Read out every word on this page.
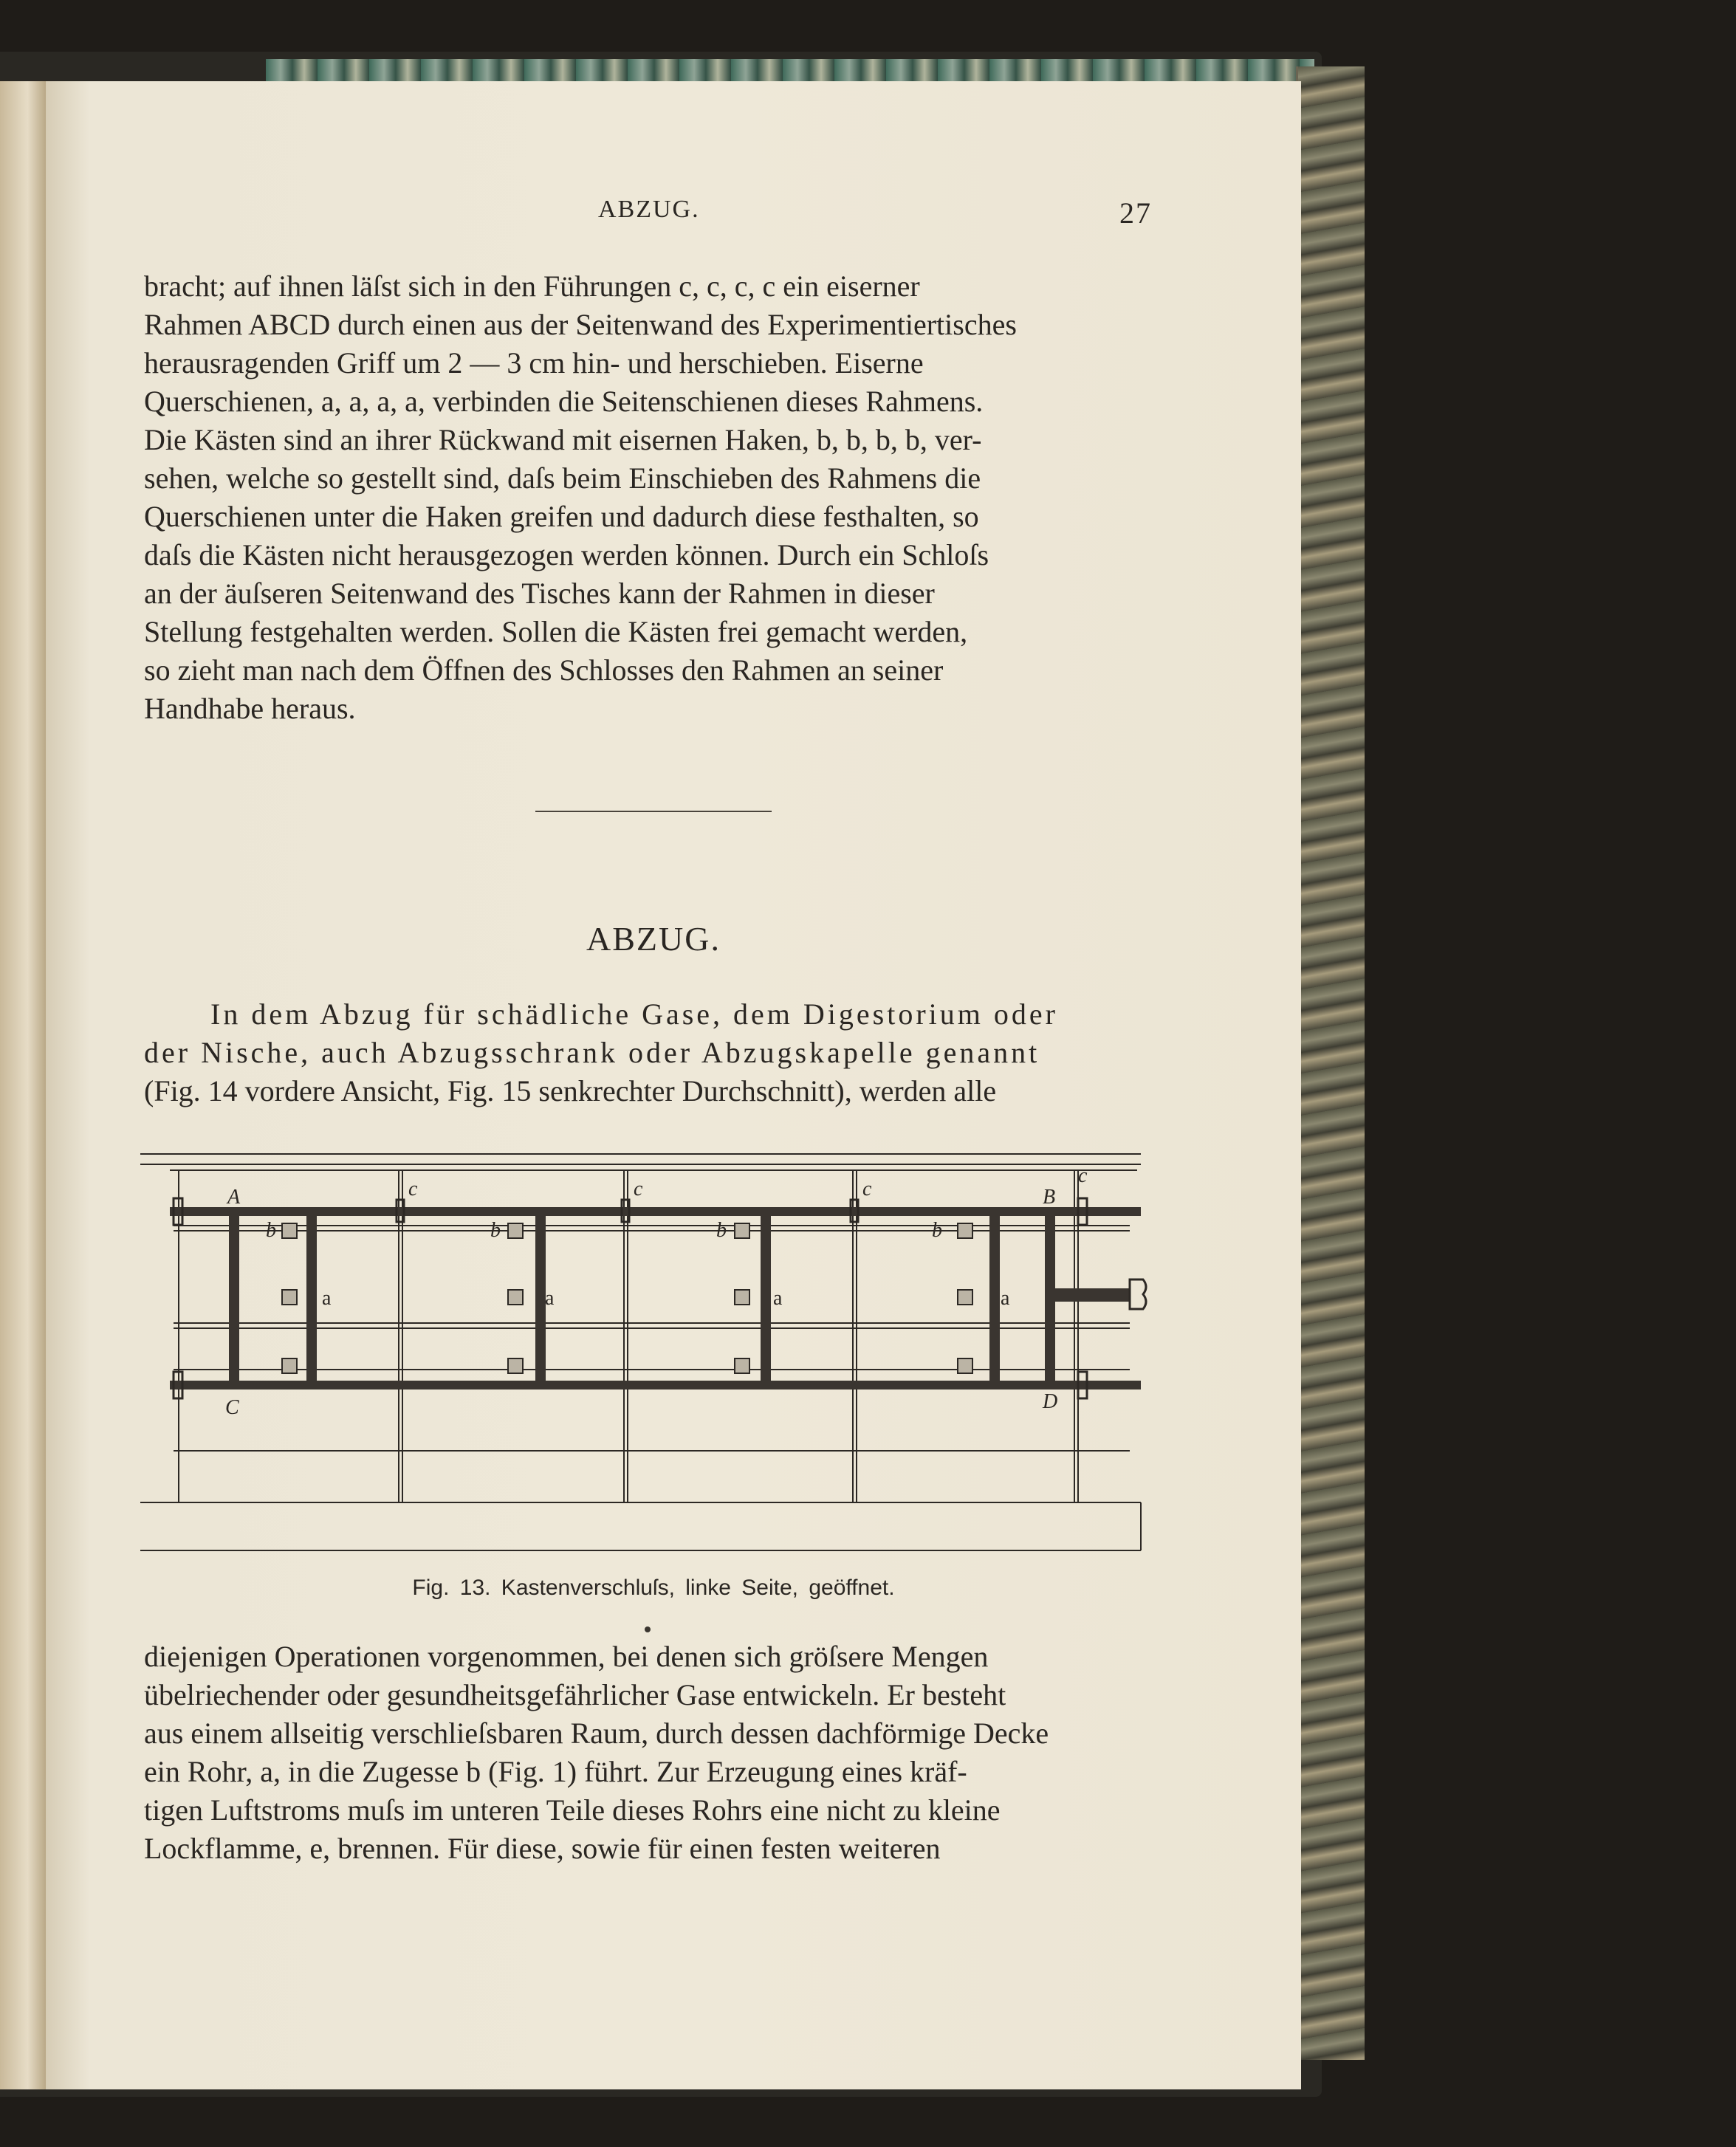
ABZUG.	27

bracht; auf ihnen läſst sich in den Führungen c, c, c, c ein eiserner

Rahmen ABCD durch einen aus der Seitenwand des Experimentiertisches

herausragenden Griff um 2 — 3 cm hin- und herschieben. Eiserne

Querschienen, a, a, a, a, verbinden die Seitenschienen dieses Rahmens.

Die Kästen sind an ihrer Rückwand mit eisernen Haken, b, b, b, b, ver-

sehen, welche so gestellt sind, daſs beim Einschieben des Rahmens die

Querschienen unter die Haken greifen und dadurch diese festhalten, so

daſs die Kästen nicht herausgezogen werden können. Durch ein Schloſs

an der äuſseren Seitenwand des Tisches kann der Rahmen in dieser

Stellung festgehalten werden. Sollen die Kästen frei gemacht werden,

so zieht man nach dem Öffnen des Schlosses den Rahmen an seiner

Handhabe heraus.

ABZUG.

In dem Abzug für schädliche Gase, dem Digestorium oder

der Nische, auch Abzugsschrank oder Abzugskapelle genannt

(Fig. 14 vordere Ansicht, Fig. 15 senkrechter Durchschnitt), werden alle

A	B
C	D
c	c	c
c
b	b	b	b
a	a	a	a
Fig. 13. Kastenverschluſs, linke Seite, geöffnet.

diejenigen Operationen vorgenommen, bei denen sich gröſsere Mengen

übelriechender oder gesundheitsgefährlicher Gase entwickeln. Er besteht

aus einem allseitig verschlieſsbaren Raum, durch dessen dachförmige Decke

ein Rohr, a, in die Zugesse b (Fig. 1) führt. Zur Erzeugung eines kräf-

tigen Luftstroms muſs im unteren Teile dieses Rohrs eine nicht zu kleine

Lockflamme, e, brennen. Für diese, sowie für einen festen weiteren
